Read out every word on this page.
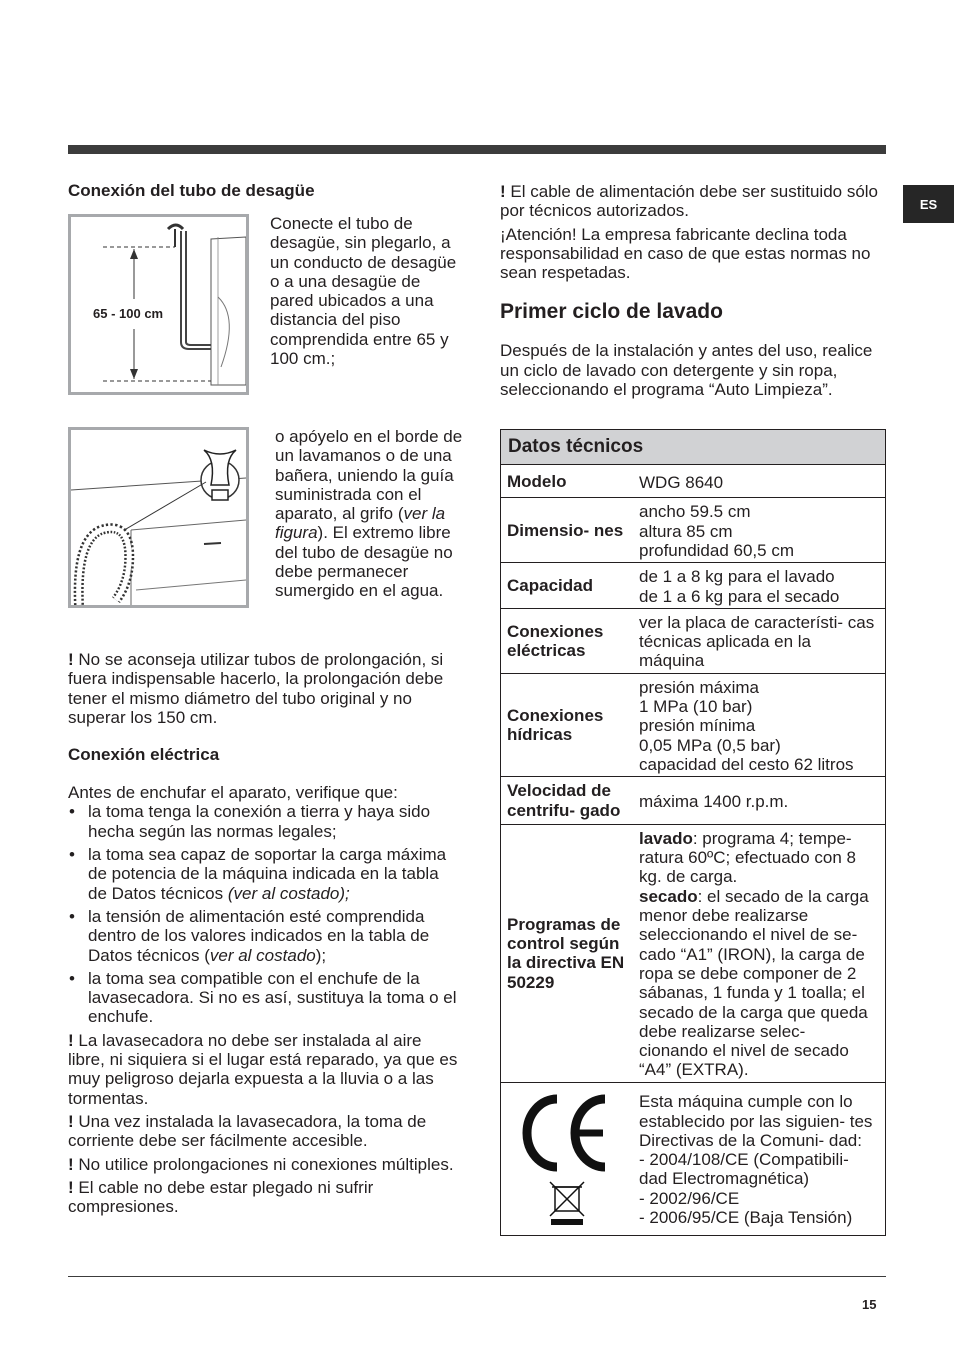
ES
Conexión del tubo de desagüe
65 - 100 cm

Conecte el tubo de desagüe, sin plegarlo, a un conducto de desagüe o a una desagüe de pared ubicados a una distancia del piso comprendida entre 65 y 100 cm.;

o apóyelo en el borde de un lavamanos o de una bañera, uniendo la guía suministrada con el aparato, al grifo (ver la figura). El extremo libre del tubo de desagüe no debe permanecer sumergido en el agua.

! No se aconseja utilizar tubos de prolongación, si fuera indispensable hacerlo, la prolongación debe tener el mismo diámetro del tubo original y no superar los 150 cm.

Conexión eléctrica

Antes de enchufar el aparato, verifique que:

• la toma tenga la conexión a tierra y haya sido hecha según las normas legales;
• la toma sea capaz de soportar la carga máxima de potencia de la máquina indicada en la tabla de Datos técnicos (ver al costado);
• la tensión de alimentación esté comprendida dentro de los valores indicados en la tabla de Datos técnicos (ver al costado);
• la toma sea compatible con el enchufe de la lavasecadora. Si no es así, sustituya la toma o el enchufe.

! La lavasecadora no debe ser instalada al aire libre, ni siquiera si el lugar está reparado, ya que es muy peligroso dejarla expuesta a la lluvia o a las tormentas.

! Una vez instalada la lavasecadora, la toma de corriente debe ser fácilmente accesible.

! No utilice prolongaciones ni conexiones múltiples.

! El cable no debe estar plegado ni sufrir compresiones.

! El cable de alimentación debe ser sustituido sólo por técnicos autorizados.

¡Atención! La empresa fabricante declina toda responsabilidad en caso de que estas normas no sean respetadas.

Primer ciclo de lavado

Después de la instalación y antes del uso, realice un ciclo de lavado con detergente y sin ropa, seleccionando el programa “Auto Limpieza”.

Datos técnicos	
Modelo	WDG 8640
Dimensio- nes	ancho 59.5 cm
altura 85 cm
profundidad 60,5 cm

Capacidad	de 1 a 8 kg para el lavado
de 1 a 6 kg para el secado

Conexiones eléctricas	ver la placa de característi- cas técnicas aplicada en la máquina
Conexiones hídricas	presión máxima
1 MPa (10 bar)
presión mínima
0,05 MPa (0,5 bar)
capacidad del cesto 62 litros

Velocidad de centrifu- gado	máxima 1400 r.p.m.
Programas de control según la directiva EN 50229	lavado: programa 4; tempe- ratura 60ºC; efectuado con 8 kg. de carga.
secado: el secado de la carga menor debe realizarse seleccionando el nivel de se- cado “A1” (IRON), la carga de ropa se debe componer de 2 sábanas, 1 funda y 1 toalla; el secado de la carga que queda debe realizarse selec- cionando el nivel de secado “A4” (EXTRA).

Esta máquina cumple con lo establecido por las siguien- tes Directivas de la Comuni- dad:
- 2004/108/CE (Compatibili- dad Electromagnética)
- 2002/96/CE
- 2006/95/CE (Baja Tensión)
15
